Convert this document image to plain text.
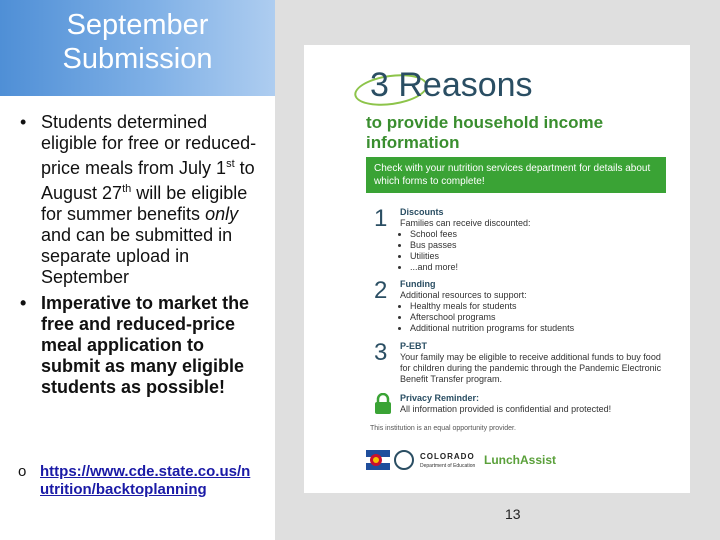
September
Submission
• Students determined eligible for free or reduced-price meals from July 1st to August 27th will be eligible for summer benefits only and can be submitted in separate upload in September
• Imperative to market the free and reduced-price meal application to submit as many eligible students as possible!
o https://www.cde.state.co.us/nutrition/backtoplanning
3 Reasons
to provide household income information
Check with your nutrition services department for details about which forms to complete!
1 Discounts
Families can receive discounted:
• School fees
• Bus passes
• Utilities
• ...and more!
2 Funding
Additional resources to support:
• Healthy meals for students
• Afterschool programs
• Additional nutrition programs for students
3 P-EBT
Your family may be eligible to receive additional funds to buy food for children during the pandemic through the Pandemic Electronic Benefit Transfer program.
Privacy Reminder:
All information provided is confidential and protected!
This institution is an equal opportunity provider.
COLORADO
Department of Education LunchAssist
13
